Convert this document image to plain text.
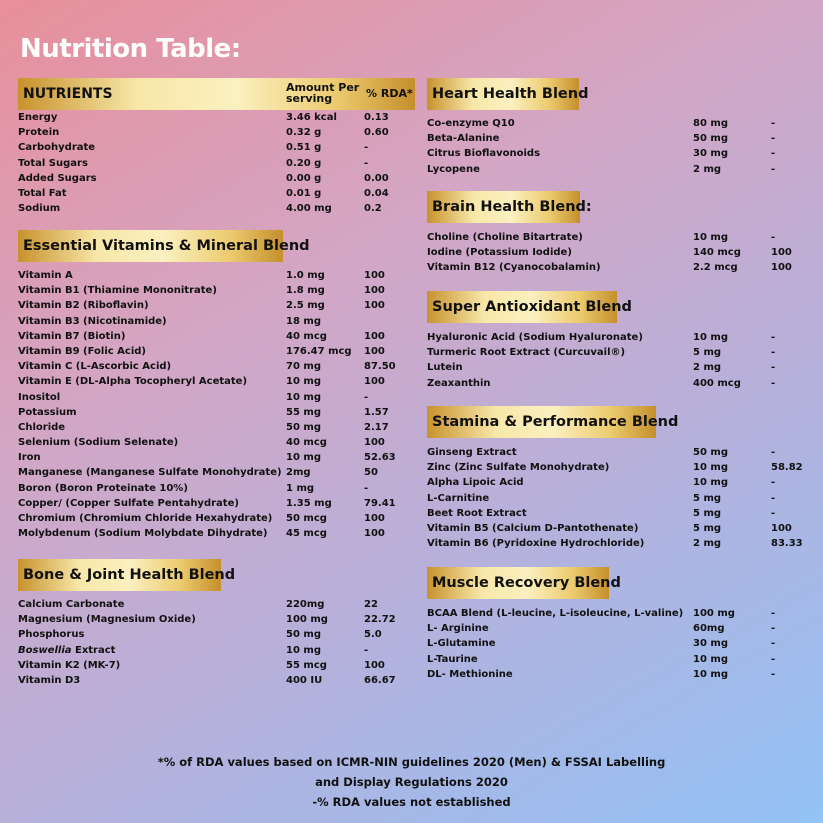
Nutrition Table:
NUTRIENTS	Amount Per serving	% RDA*
Energy	3.46 kcal	0.13
Protein	0.32 g	0.60
Carbohydrate	0.51 g	-
Total Sugars	0.20 g	-
Added Sugars	0.00 g	0.00
Total Fat	0.01 g	0.04
Sodium	4.00 mg	0.2
Essential Vitamins & Mineral Blend
Vitamin A	1.0 mg	100
Vitamin B1 (Thiamine Mononitrate)	1.8 mg	100
Vitamin B2 (Riboflavin)	2.5 mg	100
Vitamin B3 (Nicotinamide)	18 mg
Vitamin B7 (Biotin)	40 mcg	100
Vitamin B9 (Folic Acid)	176.47 mcg 100
Vitamin C (L-Ascorbic Acid)	70 mg	87.50
Vitamin E (DL-Alpha Tocopheryl Acetate)	10 mg	100
Inositol	10 mg	-
Potassium	55 mg	1.57
Chloride	50 mg	2.17
Selenium (Sodium Selenate)	40 mcg	100
Iron	10 mg	52.63
Manganese (Manganese Sulfate Monohydrate) 2mg	50
Boron (Boron Proteinate 10%)	1 mg	-
Copper/ (Copper Sulfate Pentahydrate)	1.35 mg	79.41
Chromium (Chromium Chloride Hexahydrate) 50 mcg	100
Molybdenum (Sodium Molybdate Dihydrate) 45 mcg	100
Bone & Joint Health Blend
Calcium Carbonate	220mg	22
Magnesium (Magnesium Oxide)	100 mg	22.72
Phosphorus	50 mg	5.0
Boswellia Extract	10 mg	-
Vitamin K2 (MK-7)	55 mcg	100
Vitamin D3	400 IU	66.67
Heart Health Blend
Co-enzyme Q10	80 mg	-
Beta-Alanine	50 mg	-
Citrus Bioflavonoids	30 mg	-
Lycopene	2 mg	-
Brain Health Blend:
Choline (Choline Bitartrate)	10 mg	-
Iodine (Potassium Iodide)	140 mcg	100
Vitamin B12 (Cyanocobalamin)	2.2 mcg	100
Super Antioxidant Blend
Hyaluronic Acid (Sodium Hyaluronate)	10 mg	-
Turmeric Root Extract (Curcuvail®)	5 mg	-
Lutein	2 mg	-
Zeaxanthin	400 mcg	-
Stamina & Performance Blend
Ginseng Extract	50 mg	-
Zinc (Zinc Sulfate Monohydrate)	10 mg	58.82
Alpha Lipoic Acid	10 mg	-
L-Carnitine	5 mg	-
Beet Root Extract	5 mg	-
Vitamin B5 (Calcium D-Pantothenate)	5 mg	100
Vitamin B6 (Pyridoxine Hydrochloride)	2 mg	83.33
Muscle Recovery Blend
BCAA Blend (L-leucine, L-isoleucine, L-valine) 100 mg	-
L- Arginine	60mg	-
L-Glutamine	30 mg	-
L-Taurine	10 mg	-
DL- Methionine	10 mg	-
*% of RDA values based on ICMR-NIN guidelines 2020 (Men) & FSSAI Labelling
and Display Regulations 2020
-% RDA values not established
